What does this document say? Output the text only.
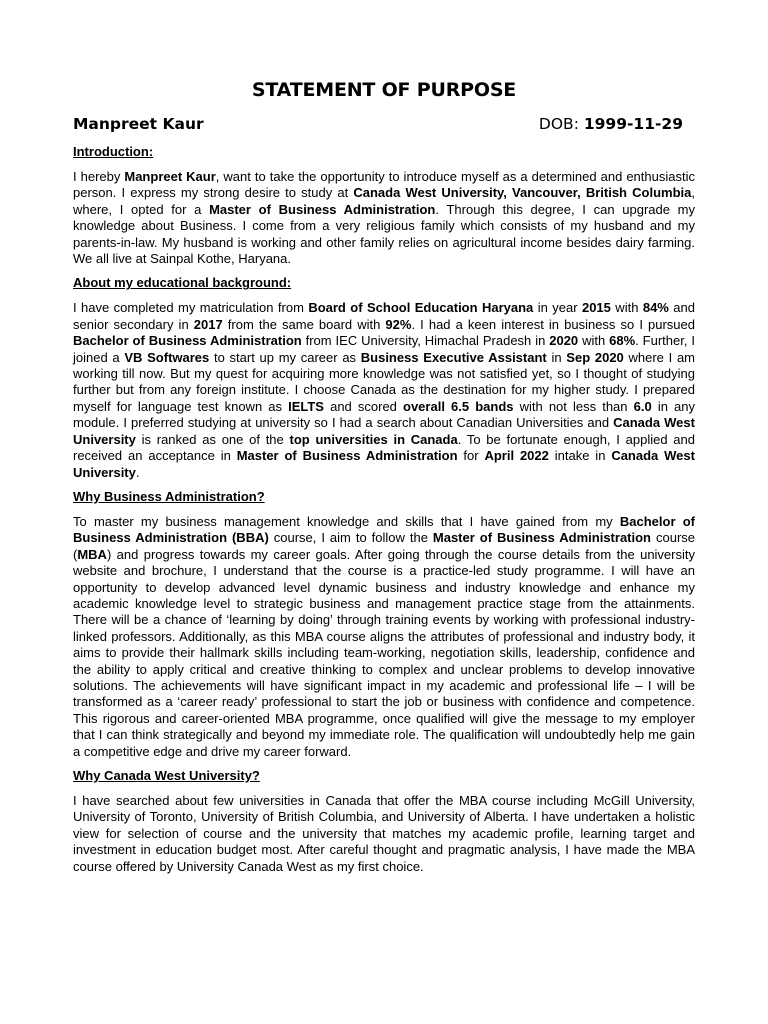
STATEMENT OF PURPOSE
Manpreet Kaur	DOB: 1999-11-29
Introduction:

I hereby Manpreet Kaur, want to take the opportunity to introduce myself as a determined and enthusiastic person. I express my strong desire to study at Canada West University, Vancouver, British Columbia, where, I opted for a Master of Business Administration. Through this degree, I can upgrade my knowledge about Business. I come from a very religious family which consists of my husband and my parents-in-law. My husband is working and other family relies on agricultural income besides dairy farming. We all live at Sainpal Kothe, Haryana.

About my educational background:

I have completed my matriculation from Board of School Education Haryana in year 2015 with 84% and senior secondary in 2017 from the same board with 92%. I had a keen interest in business so I pursued Bachelor of Business Administration from IEC University, Himachal Pradesh in 2020 with 68%. Further, I joined a VB Softwares to start up my career as Business Executive Assistant in Sep 2020 where I am working till now. But my quest for acquiring more knowledge was not satisfied yet, so I thought of studying further but from any foreign institute. I choose Canada as the destination for my higher study. I prepared myself for language test known as IELTS and scored overall 6.5 bands with not less than 6.0 in any module. I preferred studying at university so I had a search about Canadian Universities and Canada West University is ranked as one of the top universities in Canada. To be fortunate enough, I applied and received an acceptance in Master of Business Administration for April 2022 intake in Canada West University.

Why Business Administration?

To master my business management knowledge and skills that I have gained from my Bachelor of Business Administration (BBA) course, I aim to follow the Master of Business Administration course (MBA) and progress towards my career goals. After going through the course details from the university website and brochure, I understand that the course is a practice-led study programme. I will have an opportunity to develop advanced level dynamic business and industry knowledge and enhance my academic knowledge level to strategic business and management practice stage from the attainments. There will be a chance of ‘learning by doing’ through training events by working with professional industry-linked professors. Additionally, as this MBA course aligns the attributes of professional and industry body, it aims to provide their hallmark skills including team-working, negotiation skills, leadership, confidence and the ability to apply critical and creative thinking to complex and unclear problems to develop innovative solutions. The achievements will have significant impact in my academic and professional life – I will be transformed as a ‘career ready’ professional to start the job or business with confidence and competence. This rigorous and career-oriented MBA programme, once qualified will give the message to my employer that I can think strategically and beyond my immediate role. The qualification will undoubtedly help me gain a competitive edge and drive my career forward.

Why Canada West University?

I have searched about few universities in Canada that offer the MBA course including McGill University, University of Toronto, University of British Columbia, and University of Alberta. I have undertaken a holistic view for selection of course and the university that matches my academic profile, learning target and investment in education budget most. After careful thought and pragmatic analysis, I have made the MBA course offered by University Canada West as my first choice.
